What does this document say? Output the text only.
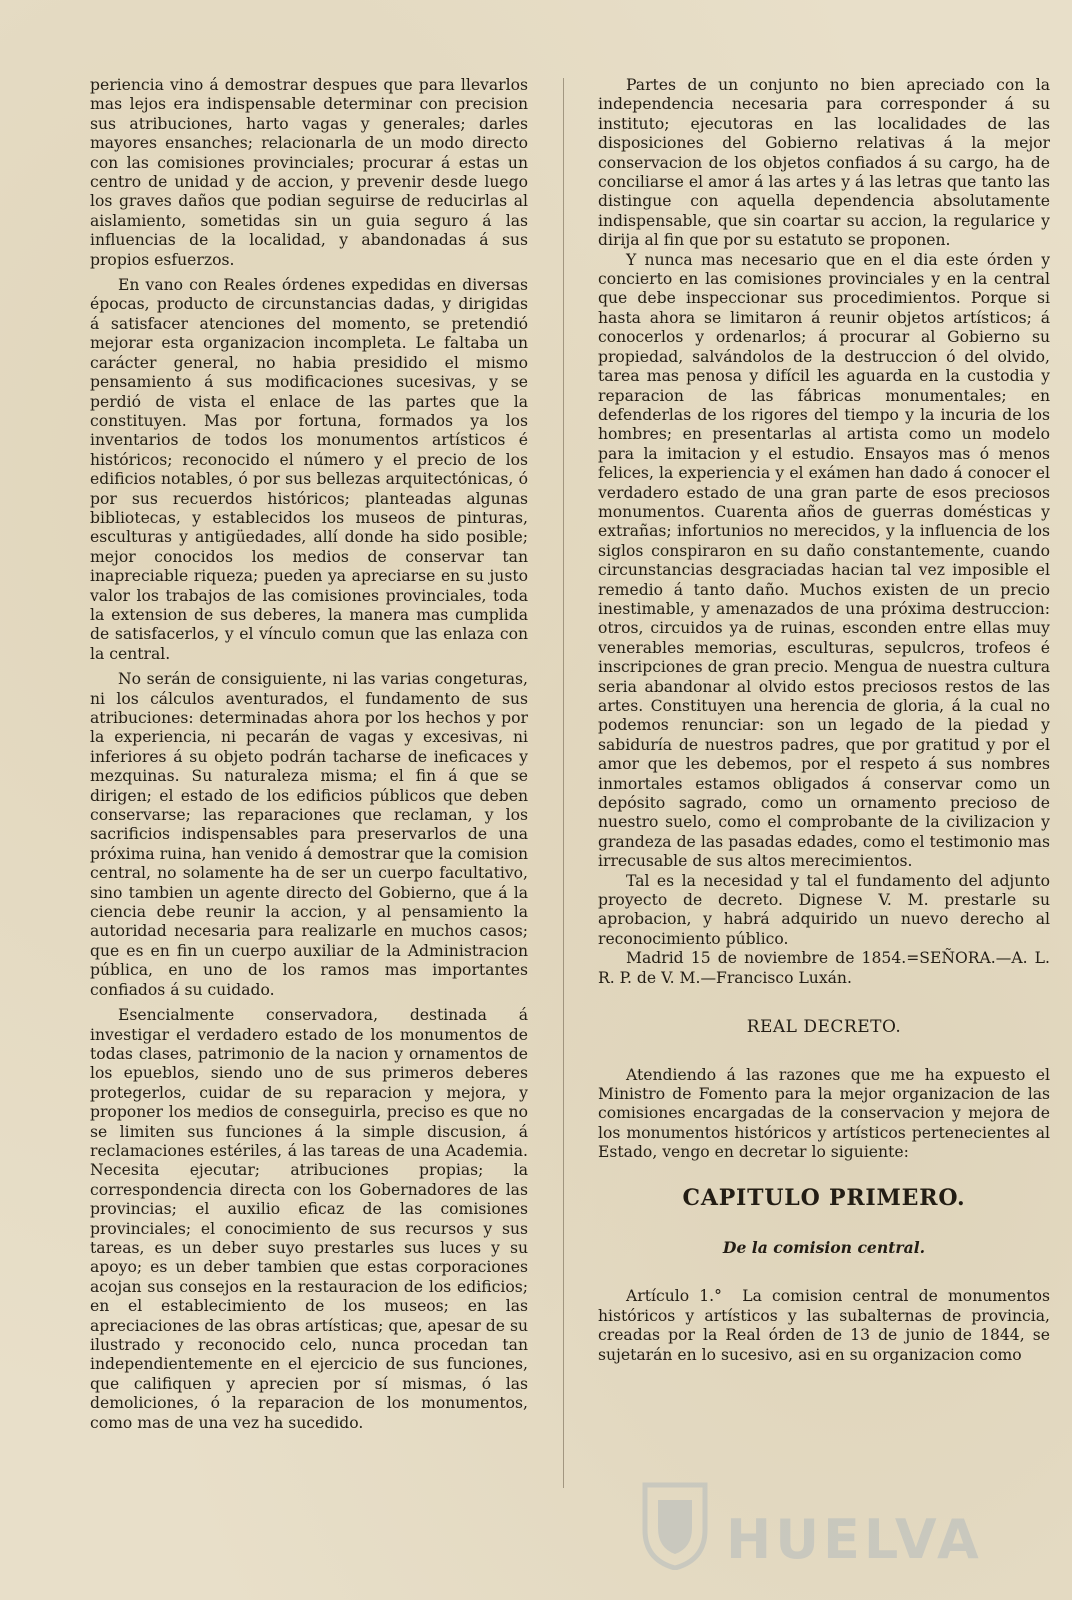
periencia vino á demostrar despues que para llevarlos mas lejos era indispensable determinar con precision sus atribuciones, harto vagas y generales; darles mayores ensanches; relacionarla de un modo directo con las comisiones provinciales; procurar á estas un centro de unidad y de accion, y prevenir desde luego los graves daños que podian seguirse de reducirlas al aislamiento, sometidas sin un guia seguro á las influencias de la localidad, y abandonadas á sus propios esfuerzos.

En vano con Reales órdenes expedidas en diversas épocas, producto de circunstancias dadas, y dirigidas á satisfacer atenciones del momento, se pretendió mejorar esta organizacion incompleta. Le faltaba un carácter general, no habia presidido el mismo pensamiento á sus modificaciones sucesivas, y se perdió de vista el enlace de las partes que la constituyen. Mas por fortuna, formados ya los inventarios de todos los monumentos artísticos é históricos; reconocido el número y el precio de los edificios notables, ó por sus bellezas arquitectónicas, ó por sus recuerdos históricos; planteadas algunas bibliotecas, y establecidos los museos de pinturas, esculturas y antigüedades, allí donde ha sido posible; mejor conocidos los medios de conservar tan inapreciable riqueza; pueden ya apreciarse en su justo valor los trabajos de las comisiones provinciales, toda la extension de sus deberes, la manera mas cumplida de satisfacerlos, y el vínculo comun que las enlaza con la central.

No serán de consiguiente, ni las varias congeturas, ni los cálculos aventurados, el fundamento de sus atribuciones: determinadas ahora por los hechos y por la experiencia, ni pecarán de vagas y excesivas, ni inferiores á su objeto podrán tacharse de ineficaces y mezquinas. Su naturaleza misma; el fin á que se dirigen; el estado de los edificios públicos que deben conservarse; las reparaciones que reclaman, y los sacrificios indispensables para preservarlos de una próxima ruina, han venido á demostrar que la comision central, no solamente ha de ser un cuerpo facultativo, sino tambien un agente directo del Gobierno, que á la ciencia debe reunir la accion, y al pensamiento la autoridad necesaria para realizarle en muchos casos; que es en fin un cuerpo auxiliar de la Administracion pública, en uno de los ramos mas importantes confiados á su cuidado.

Esencialmente conservadora, destinada á investigar el verdadero estado de los monumentos de todas clases, patrimonio de la nacion y ornamentos de los epueblos, siendo uno de sus primeros deberes protegerlos, cuidar de su reparacion y mejora, y proponer los medios de conseguirla, preciso es que no se limiten sus funciones á la simple discusion, á reclamaciones estériles, á las tareas de una Academia. Necesita ejecutar; atribuciones propias; la correspondencia directa con los Gobernadores de las provincias; el auxilio eficaz de las comisiones provinciales; el conocimiento de sus recursos y sus tareas, es un deber suyo prestarles sus luces y su apoyo; es un deber tambien que estas corporaciones acojan sus consejos en la restauracion de los edificios; en el establecimiento de los museos; en las apreciaciones de las obras artísticas; que, apesar de su ilustrado y reconocido celo, nunca procedan tan independientemente en el ejercicio de sus funciones, que califiquen y aprecien por sí mismas, ó las demoliciones, ó la reparacion de los monumentos, como mas de una vez ha sucedido.

Partes de un conjunto no bien apreciado con la independencia necesaria para corresponder á su instituto; ejecutoras en las localidades de las disposiciones del Gobierno relativas á la mejor conservacion de los objetos confiados á su cargo, ha de conciliarse el amor á las artes y á las letras que tanto las distingue con aquella dependencia absolutamente indispensable, que sin coartar su accion, la regularice y dirija al fin que por su estatuto se proponen.

Y nunca mas necesario que en el dia este órden y concierto en las comisiones provinciales y en la central que debe inspeccionar sus procedimientos. Porque si hasta ahora se limitaron á reunir objetos artísticos; á conocerlos y ordenarlos; á procurar al Gobierno su propiedad, salvándolos de la destruccion ó del olvido, tarea mas penosa y difícil les aguarda en la custodia y reparacion de las fábricas monumentales; en defenderlas de los rigores del tiempo y la incuria de los hombres; en presentarlas al artista como un modelo para la imitacion y el estudio. Ensayos mas ó menos felices, la experiencia y el exámen han dado á conocer el verdadero estado de una gran parte de esos preciosos monumentos. Cuarenta años de guerras domésticas y extrañas; infortunios no merecidos, y la influencia de los siglos conspiraron en su daño constantemente, cuando circunstancias desgraciadas hacian tal vez imposible el remedio á tanto daño. Muchos existen de un precio inestimable, y amenazados de una próxima destruccion: otros, circuidos ya de ruinas, esconden entre ellas muy venerables memorias, esculturas, sepulcros, trofeos é inscripciones de gran precio. Mengua de nuestra cultura seria abandonar al olvido estos preciosos restos de las artes. Constituyen una herencia de gloria, á la cual no podemos renunciar: son un legado de la piedad y sabiduría de nuestros padres, que por gratitud y por el amor que les debemos, por el respeto á sus nombres inmortales estamos obligados á conservar como un depósito sagrado, como un ornamento precioso de nuestro suelo, como el comprobante de la civilizacion y grandeza de las pasadas edades, como el testimonio mas irrecusable de sus altos merecimientos.

Tal es la necesidad y tal el fundamento del adjunto proyecto de decreto. Dignese V. M. prestarle su aprobacion, y habrá adquirido un nuevo derecho al reconocimiento público.

Madrid 15 de noviembre de 1854.=SEÑORA.—A. L. R. P. de V. M.—Francisco Luxán.

REAL DECRETO.

Atendiendo á las razones que me ha expuesto el Ministro de Fomento para la mejor organizacion de las comisiones encargadas de la conservacion y mejora de los monumentos históricos y artísticos pertenecientes al Estado, vengo en decretar lo siguiente:

CAPITULO PRIMERO.
De la comision central.

Artículo 1.° La comision central de monumentos históricos y artísticos y las subalternas de provincia, creadas por la Real órden de 13 de junio de 1844, se sujetarán en lo sucesivo, asi en su organizacion como

HUELVA
